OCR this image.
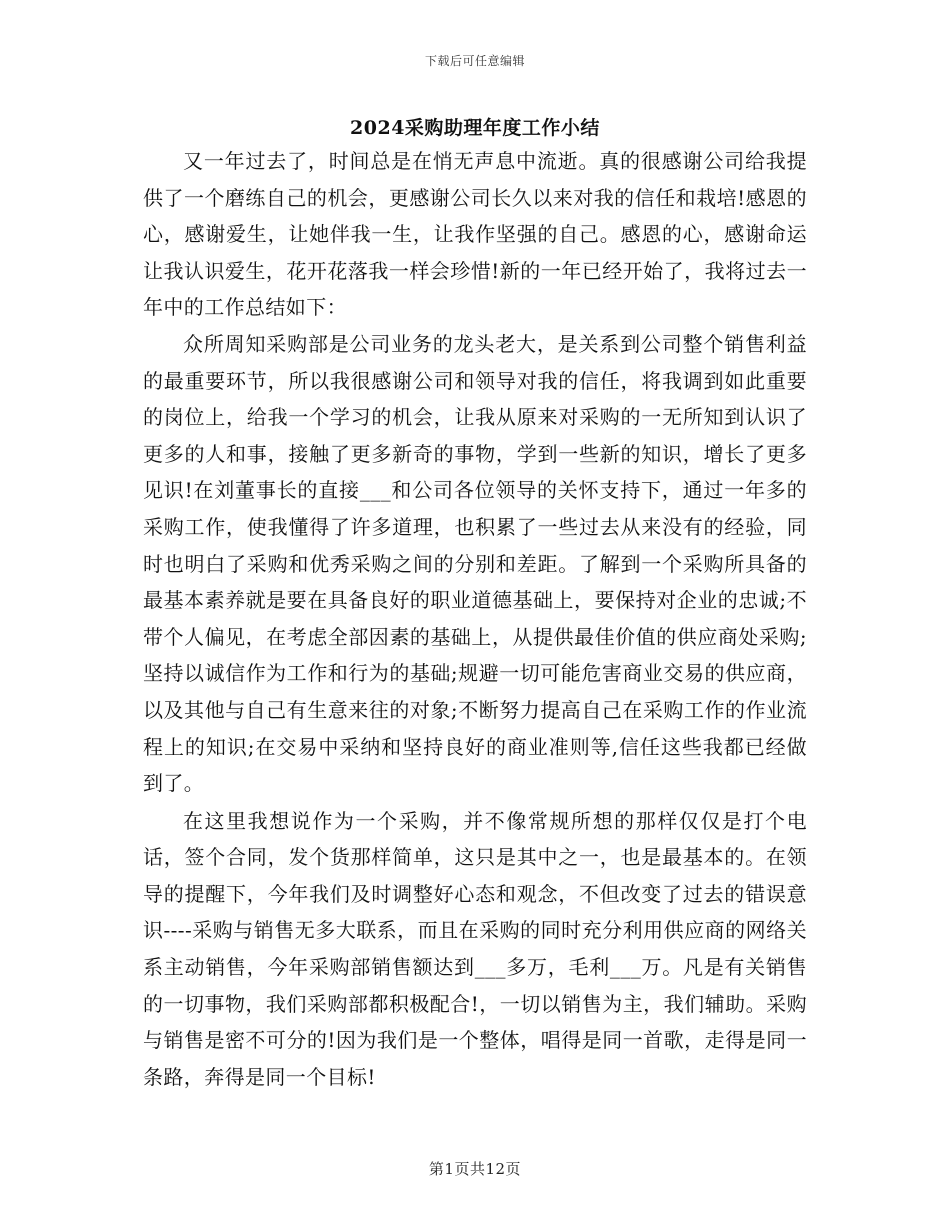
下载后可任意编辑
2024采购助理年度工作小结

又一年过去了，时间总是在悄无声息中流逝。真的很感谢公司给我提供了一个磨练自己的机会，更感谢公司长久以来对我的信任和栽培!感恩的心，感谢爱生，让她伴我一生，让我作坚强的自己。感恩的心，感谢命运让我认识爱生，花开花落我一样会珍惜!新的一年已经开始了，我将过去一年中的工作总结如下：

众所周知采购部是公司业务的龙头老大，是关系到公司整个销售利益的最重要环节，所以我很感谢公司和领导对我的信任，将我调到如此重要的岗位上，给我一个学习的机会，让我从原来对采购的一无所知到认识了更多的人和事，接触了更多新奇的事物，学到一些新的知识，增长了更多见识!在刘董事长的直接___和公司各位领导的关怀支持下，通过一年多的采购工作，使我懂得了许多道理，也积累了一些过去从来没有的经验，同时也明白了采购和优秀采购之间的分别和差距。了解到一个采购所具备的最基本素养就是要在具备良好的职业道德基础上，要保持对企业的忠诚;不带个人偏见，在考虑全部因素的基础上，从提供最佳价值的供应商处采购;坚持以诚信作为工作和行为的基础;规避一切可能危害商业交易的供应商，以及其他与自己有生意来往的对象;不断努力提高自己在采购工作的作业流程上的知识;在交易中采纳和坚持良好的商业准则等,信任这些我都已经做到了。

在这里我想说作为一个采购，并不像常规所想的那样仅仅是打个电话，签个合同，发个货那样简单，这只是其中之一，也是最基本的。在领导的提醒下，今年我们及时调整好心态和观念，不但改变了过去的错误意识----采购与销售无多大联系，而且在采购的同时充分利用供应商的网络关系主动销售，今年采购部销售额达到___多万，毛利___万。凡是有关销售的一切事物，我们采购部都积极配合!，一切以销售为主，我们辅助。采购与销售是密不可分的!因为我们是一个整体，唱得是同一首歌，走得是同一条路，奔得是同一个目标!

第1页共12页
